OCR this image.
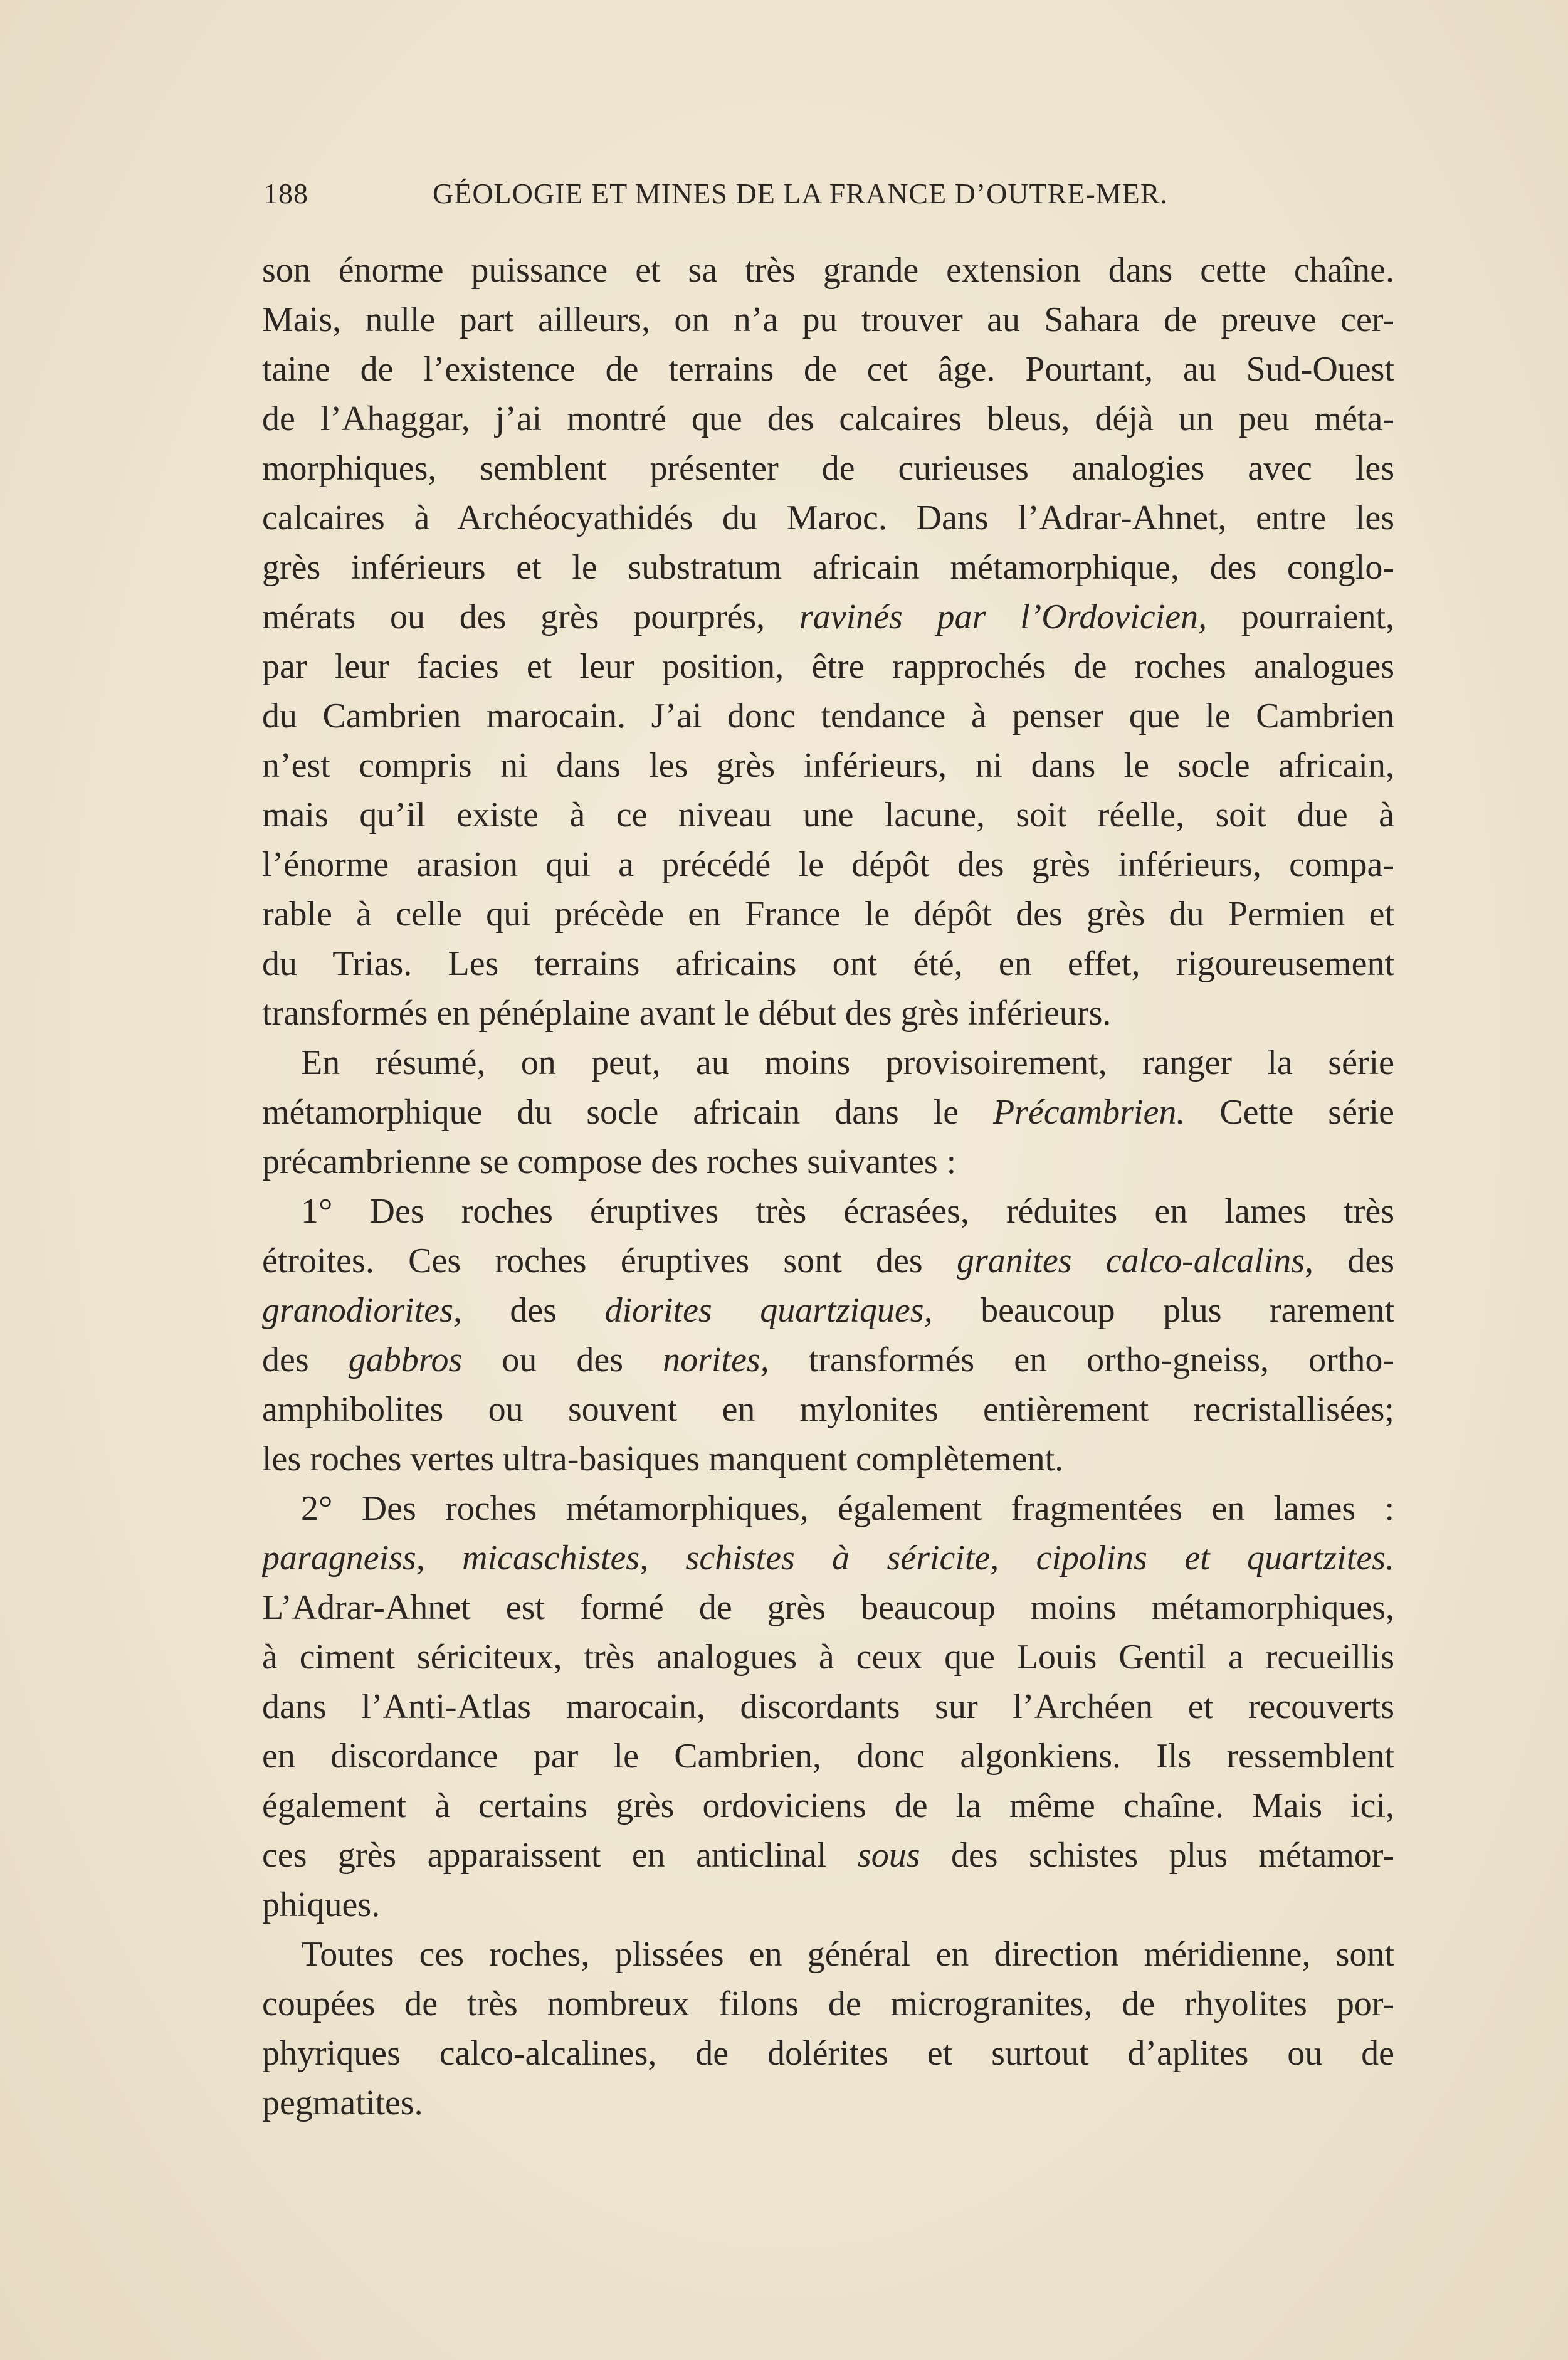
188	GÉOLOGIE ET MINES DE LA FRANCE D’OUTRE-MER.
son énorme puissance et sa très grande extension dans cette chaîne.
Mais, nulle part ailleurs, on n’a pu trouver au Sahara de preuve cer-
taine de l’existence de terrains de cet âge. Pourtant, au Sud-Ouest
de l’Ahaggar, j’ai montré que des calcaires bleus, déjà un peu méta-
morphiques, semblent présenter de curieuses analogies avec les
calcaires à Archéocyathidés du Maroc. Dans l’Adrar-Ahnet, entre les
grès inférieurs et le substratum africain métamorphique, des conglo-
mérats ou des grès pourprés, ravinés par l’Ordovicien, pourraient,
par leur facies et leur position, être rapprochés de roches analogues
du Cambrien marocain. J’ai donc tendance à penser que le Cambrien
n’est compris ni dans les grès inférieurs, ni dans le socle africain,
mais qu’il existe à ce niveau une lacune, soit réelle, soit due à
l’énorme arasion qui a précédé le dépôt des grès inférieurs, compa-
rable à celle qui précède en France le dépôt des grès du Permien et
du Trias. Les terrains africains ont été, en effet, rigoureusement
transformés en pénéplaine avant le début des grès inférieurs.
En résumé, on peut, au moins provisoirement, ranger la série
métamorphique du socle africain dans le Précambrien. Cette série
précambrienne se compose des roches suivantes :
1° Des roches éruptives très écrasées, réduites en lames très
étroites. Ces roches éruptives sont des granites calco-alcalins, des
granodiorites, des diorites quartziques, beaucoup plus rarement
des gabbros ou des norites, transformés en ortho-gneiss, ortho-
amphibolites ou souvent en mylonites entièrement recristallisées;
les roches vertes ultra-basiques manquent complètement.
2° Des roches métamorphiques, également fragmentées en lames :
paragneiss, micaschistes, schistes à séricite, cipolins et quartzites.
L’Adrar-Ahnet est formé de grès beaucoup moins métamorphiques,
à ciment sériciteux, très analogues à ceux que Louis Gentil a recueillis
dans l’Anti-Atlas marocain, discordants sur l’Archéen et recouverts
en discordance par le Cambrien, donc algonkiens. Ils ressemblent
également à certains grès ordoviciens de la même chaîne. Mais ici,
ces grès apparaissent en anticlinal sous des schistes plus métamor-
phiques.
Toutes ces roches, plissées en général en direction méridienne, sont
coupées de très nombreux filons de microgranites, de rhyolites por-
phyriques calco-alcalines, de dolérites et surtout d’aplites ou de
pegmatites.
